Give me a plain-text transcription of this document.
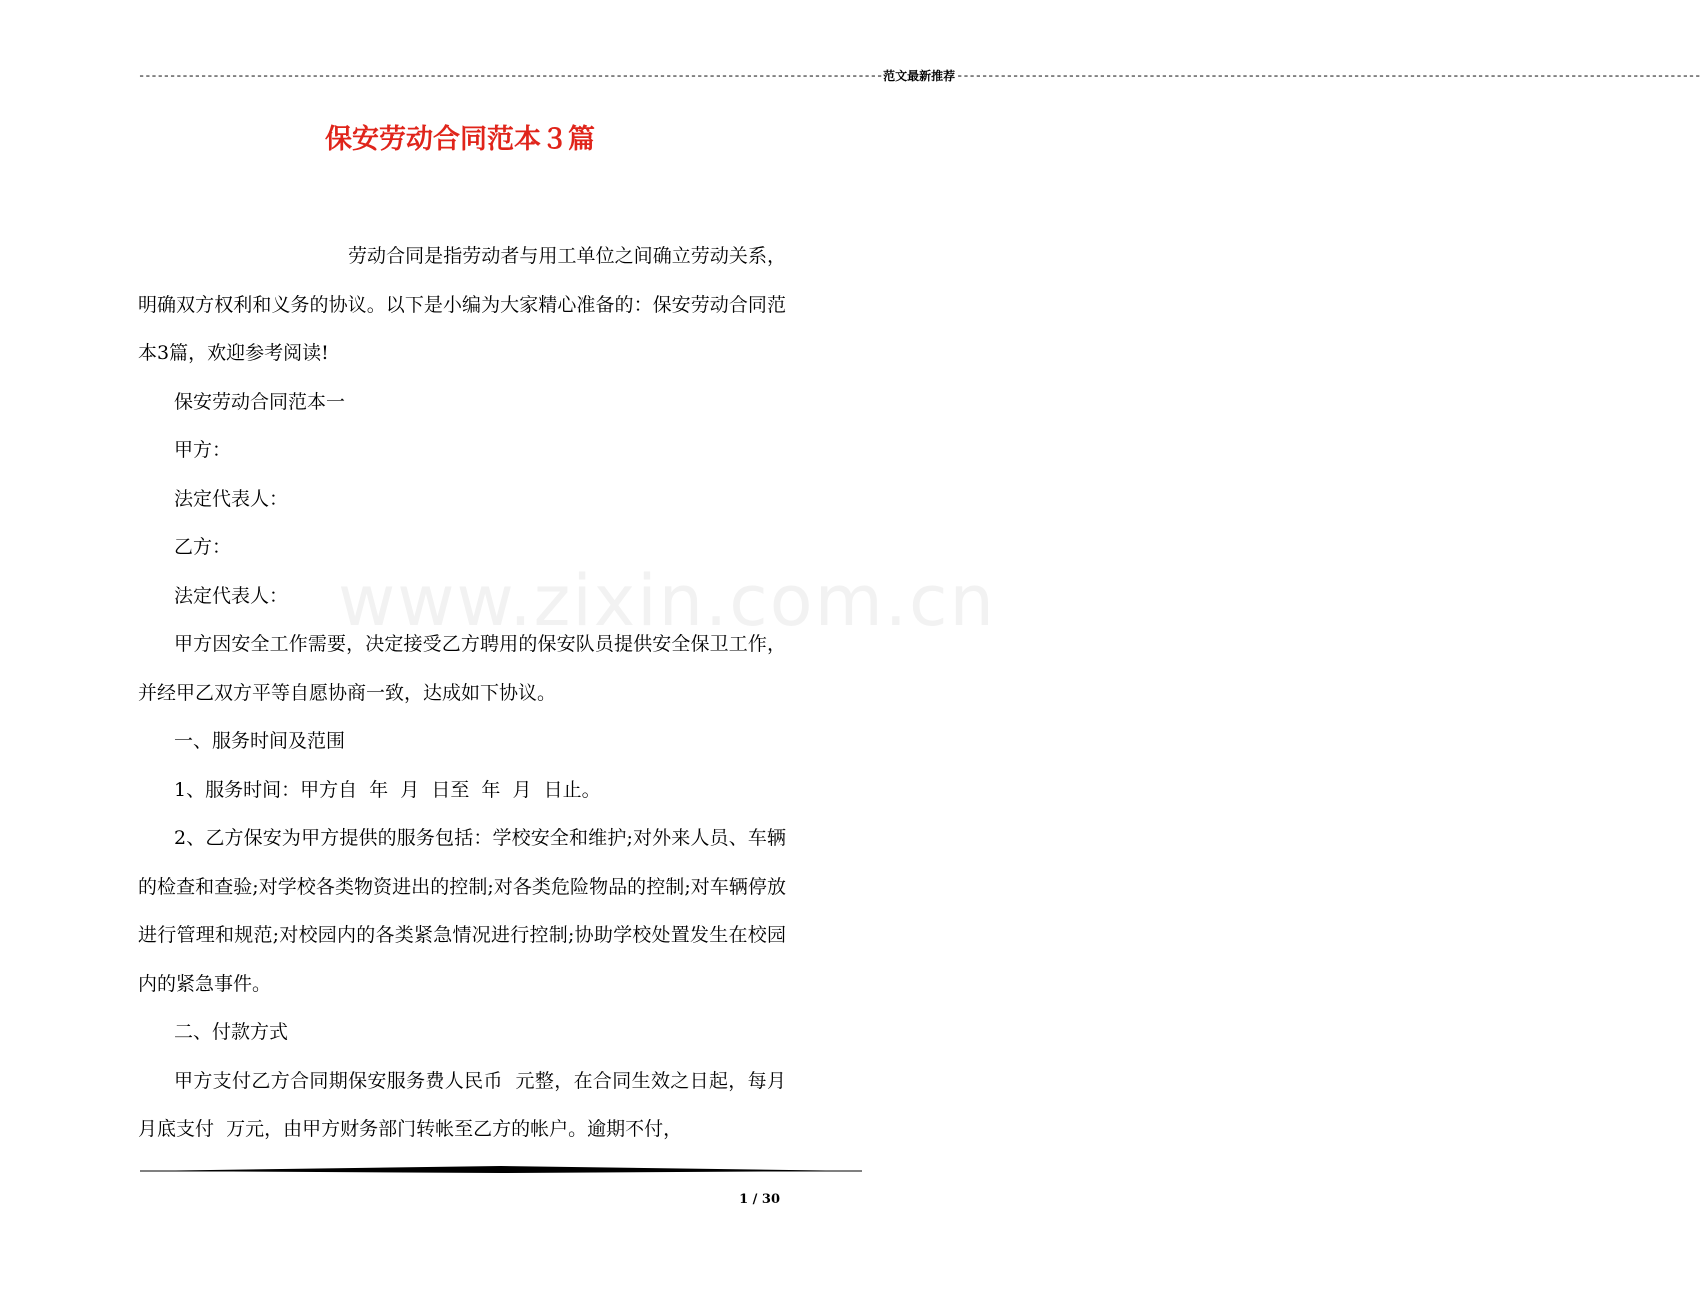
------------------------------------------------------------------------------------------------------------------------ 范文最新推荐 ------------------------------------------------------------------------------------------------------------------------
保安劳动合同范本３篇
www.zixin.com.cn

劳动合同是指劳动者与用工单位之间确立劳动关系，明确双方权利和义务的协议。以下是小编为大家精心准备的：保安劳动合同范本3篇，欢迎参考阅读!

保安劳动合同范本一

甲方：

法定代表人：

乙方：

法定代表人：

甲方因安全工作需要，决定接受乙方聘用的保安队员提供安全保卫工作，并经甲乙双方平等自愿协商一致，达成如下协议。

一、服务时间及范围

1、服务时间：甲方自  年  月  日至  年  月  日止。

2、乙方保安为甲方提供的服务包括：学校安全和维护;对外来人员、车辆的检查和查验;对学校各类物资进出的控制;对各类危险物品的控制;对车辆停放进行管理和规范;对校园内的各类紧急情况进行控制;协助学校处置发生在校园内的紧急事件。

二、付款方式

甲方支付乙方合同期保安服务费人民币  元整，在合同生效之日起，每月月底支付  万元，由甲方财务部门转帐至乙方的帐户。逾期不付，

1 / 30
